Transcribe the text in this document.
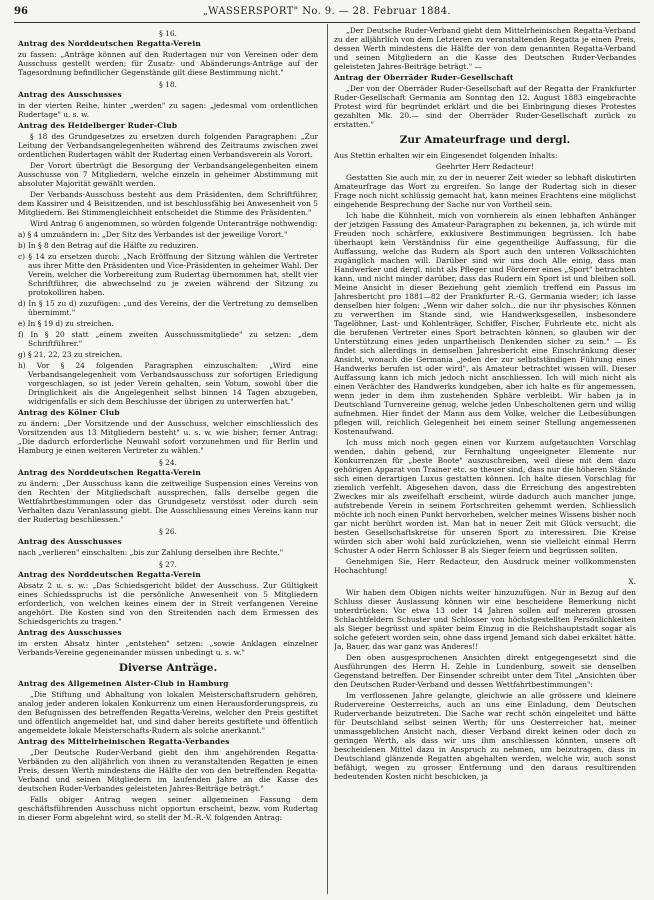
96	„WASSERSPORT" No. 9. — 28. Februar 1884.

§ 16.

Antrag des Norddeutschen Regatta-Verein

zu fassen: „Anträge können auf den Rudertagen nur von Vereinen oder dem Ausschuss gestellt werden; für Zusatz- und Abänderungs-Anträge auf der Tagesordnung befindlicher Gegenstände gilt diese Bestimmung nicht."

§ 18.

Antrag des Ausschusses

in der vierten Reihe, hinter „werden" zu sagen: „jedesmal vom ordentlichen Rudertage" u. s. w.

Antrag des Heidelberger Ruder-Club

§ 18 des Grundgesetzes zu ersetzen durch folgenden Paragraphen: „Zur Leitung der Verbandsangelegenheiten während des Zeitraums zwischen zwei ordentlichen Rudertagen wählt der Rudertag einen Verbandsverein als Vorort.

Der Vorort übertrügt die Besorgung der Verbandsangelegenheiten einem Ausschusse von 7 Mitgliedern, welche einzeln in geheimer Abstimmung mit absoluter Majorität gewählt werden.

Der Verbands-Ausschuss besteht aus dem Präsidenten, dem Schriftführer, dem Kassirer und 4 Beisitzenden, und ist beschlussfähig bei Anwesenheit von 5 Mitgliedern. Bei Stimmengleichheit entscheidet die Stimme des Präsidenten."

Wird Antrag 6 angenommen, so würden folgende Unteranträge nothwendig:

a) § 4 umzuändern in: „Der Sitz des Verbandes ist der jeweilige Vorort."

b) In § 8 den Betrag auf die Hälfte zu reduziren.

c) § 14 zu ersetzen durch: „Nach Eröffnung der Sitzung wählen die Vertreter aus ihrer Mitte den Präsidenten und Vice-Präsidenten in geheimer Wahl. Der Verein, welcher die Vorbereitung zum Rudertag übernommen hat, stellt vier Schriftführer, die abwechselnd zu je zweien während der Sitzung zu protokolliren haben.

d) In § 15 zu d) zuzufügen: „und des Vereins, der die Vertretung zu demselben übernimmt."

e) In § 19 d) zu streichen.

f) In § 20 statt „einem zweiten Ausschussmitgliede" zu setzen: „dem Schriftführer."

g) § 21, 22, 23 zu streichen.

h) Vor § 24 folgenden Paragraphen einzuschalten: „Wird eine Verbandsangelegenheit vom Verbandsausschuss zur sofortigen Erledigung vorgeschlagen, so ist jeder Verein gehalten, sein Votum, sowohl über die Dringlichkeit als die Angelegenheit selbst binnen 14 Tagen abzugeben, widrigenfalls er sich dem Beschlusse der übrigen zu unterwerfen hat."

Antrag des Kölner Club

zu ändern: „Der Vorsitzende und der Ausschuss, welcher einschliesslich des Vorsitzenden aus 13 Mitgliedern besteht" u. s. w. wie bisher; ferner Antrag: „Die dadurch erforderliche Neuwahl sofort vorzunehmen und für Berlin und Hamburg je einen weiteren Vertreter zu wählen."

§ 24.

Antrag des Norddeutschen Regatta-Verein

zu ändern: „Der Ausschuss kann die zeitweilige Suspension eines Vereins von den Rechten der Mitgliedschaft aussprechen, falls derselbe gegen die Wettfahrtbestimmungen oder das Grundgesetz verstösst oder durch sein Verhalten dazu Veranlassung giebt. Die Ausschliessung eines Vereins kann nur der Rudertag beschliessen."

§ 26.

Antrag des Ausschusses

nach „verlieren" einschalten: „bis zur Zahlung derselben ihre Rechte."

§ 27.

Antrag des Norddeutschen Regatta-Verein

Absatz 2 u. s. w.: „Das Schiedsgericht bildet der Ausschuss. Zur Gültigkeit eines Schiedsspruchs ist die persönliche Anwesenheit von 5 Mitgliedern erforderlich, von welchen keines einem der in Streit verfangenen Vereine angehört. Die Kosten sind von den Streitenden nach dem Ermessen des Schiedsgerichts zu tragen."

Antrag des Ausschusses

im ersten Absatz hinter „entstehen" setzen: „sowie Anklagen einzelner Verbands-Vereine gegeneinander müssen unbedingt u. s. w."

Diverse Anträge.

Antrag des Allgemeinen Alster-Club in Hamburg

„Die Stiftung und Abhaltung von lokalen Meisterschaftsrudern gehören, analog jeder anderen lokalen Konkurrenz um einen Herausforderungspreis, zu den Befugnissen des betreffenden Regatta-Vereins, welcher den Preis gestiftet und öffentlich angemeldet hat, und sind daher bereits gestiftete und öffentlich angemeldete lokale Meisterschafts-Rudern als solche anerkannt."

Antrag des Mittelrheinischen Regatta-Verbandes

„Der Deutsche Ruder-Verband giebt den ihm angehörenden Regatta-Verbänden zu den alljährlich von ihnen zu veranstaltenden Regatten je einen Preis, dessen Werth mindestens die Hälfte der von den betreffenden Regatta-Verband und seinen Mitgliedern im laufenden Jahre an die Kasse des deutschen Ruder-Verbandes geleisteten Jahres-Beiträge beträgt."

Falls obiger Antrag wegen seiner allgemeinen Fassung dem geschäftsführenden Ausschuss nicht opportun erscheint, bezw. vom Rudertag in dieser Form abgelehnt wird, so stellt der M.-R.-V. folgenden Antrag:

„Der Deutsche Ruder-Verband giebt dem Mittelrheinischen Regatta-Verband zu der alljährlich von dem Letzteren zu veranstaltenden Regatta je einen Preis, dessen Werth mindestens die Hälfte der von dem genannten Regatta-Verband und seinen Mitgliedern an die Kasse des Deutschen Ruder-Verbandes geleisteten Jahres-Beiträge beträgt." —

Antrag der Oberräder Ruder-Gesellschaft

„Der von der Oberräder Ruder-Gesellschaft auf der Regatta der Frankfurter Ruder-Gesellschaft Germania am Sonntag den 12. August 1883 eingebrachte Protest wird für begründet erklärt und die bei Einbringung dieses Protestes gezahlten Mk. 20.— sind der Oberräder Ruder-Gesellschaft zurück zu erstatten."

Zur Amateurfrage und dergl.

Aus Stettin erhalten wir ein Eingesendet folgenden Inhalts:

Geehrter Herr Redacteur!

Gestatten Sie auch mir, zu der in neuerer Zeit wieder so lebhaft diskutirten Amateurfrage das Wort zu ergreifen. So lange der Rudertag sich in dieser Frage noch nicht schlüssig gemacht hat, kann meines Erachtens eine möglichst eingehende Besprechung der Sache nur von Vortheil sein.

Ich habe die Kühnheit, mich von vornherein als einen lebhaften Anhänger der jetzigen Fassung des Amateur-Paragraphen zu bekennen, ja, ich würde mit Freuden noch schärfere, exklusivere Bestimmungen begrüssen. Ich habe überhaupt kein Verständniss für eine gegentheilige Auffassung, für die Auffassung, welche das Rudern als Sport auch den unteren Volksschichten zugänglich machen will. Darüber sind wir uns doch Alle einig, dass man Handwerker und dergl. nicht als Pfleger und Förderer eines „Sport" betrachten kann, und nicht minder darüber, dass das Rudern ein Sport ist und bleiben soll. Meine Ansicht in dieser Beziehung geht ziemlich treffend ein Passus im Jahresbericht pro 1881—82 der Frankfurter R.-G. Germania wieder; ich lasse denselben hier folgen: „Wenn wir daher solch., die nur ihr physisches Können zu verwerthen im Stande sind, wie Handwerksgesellen, insbesondere Tagelöhner, Last- und Kohlenträger, Schiffer, Fischer, Fuhrleute etc. nicht als die berufenen Vertreter eines Sport betrachten können, so glauben wir der Unterstützung eines jeden unpartheiisch Denkenden sicher zu sein." — Es findet sich allerdings in demselben Jahresbericht eine Einschränkung dieser Ansicht, wonach die Germania „jeden der zur selbstständigen Führung eines Handwerks berufen ist oder wird", als Amateur betrachtet wissen will. Dieser Auffassung kann ich mich jedoch nicht anschliessen. Ich will mich nicht als einen Verächter des Handwerks kundgeben, aber ich halte es für angemessen, wenn jeder in dem ihm zustehenden Sphäre verbleibt. Wir haben ja in Deutschland Turnvereine genug, welche jeden Unbescholtenen gern und willig aufnehmen. Hier findet der Mann aus dem Volke, welcher die Leibesübungen pflegen will, reichlich Gelegenheit bei einem seiner Stellung angemessenen Kostenaufwand.

Ich muss mich noch gegen einen vor Kurzem aufgetauchten Vorschlag wenden, dahin gehend, zur Fernhaltung ungeeigneter Elemente nur Konkurrenzen für „beste Boote" auszuschreiben, weil diese mit dem dazu gehörigen Apparat von Trainer etc. so theuer sind, dass nur die höheren Stände sich einen derartigen Luxus gestatten können. Ich halte diesen Vorschlag für ziemlich verfehlt. Abgesehen davon, dass die Erreichung des angestrebten Zweckes mir als zweifelhaft erscheint, würde dadurch auch mancher junge, aufstrebende Verein in seinem Fortschreiten gehemmt werden. Schliesslich möchte ich noch einen Punkt hervorheben, welcher meines Wissens bisher noch gar nicht berührt worden ist. Man hat in neuer Zeit mit Glück versucht, die besten Gesellschaftskreise für unseren Sport zu interessiren. Die Kreise würden sich aber wohl bald zurückziehen, wenn sie vielleicht einmal Herrn Schuster A oder Herrn Schlosser B als Sieger feiern und begrüssen sollten.

Genehmigen Sie, Herr Redacteur, den Ausdruck meiner vollkommensten Hochachtung!

X.

Wir haben dem Obigen nichts weiter hinzuzufügen. Nur in Bezug auf den Schluss dieser Auslassung können wir eine bescheidene Bemerkung nicht unterdrücken: Vor etwa 13 oder 14 Jahren sollen auf mehreren grossen Schlachtfeldern Schuster und Schlosser von höchstgestellten Persönlichkeiten als Sieger begrüsst und später beim Einzug in die Reichshauptstadt sogar als solche gefeiert worden sein, ohne dass irgend Jemand sich dabei erkältet hätte. Ja, Bauer, das war ganz was Anderes!!

Den oben ausgesprochenen Ansichten direkt entgegengesetzt sind die Ausführungen des Herrn H. Zehle in Lundenburg, soweit sie denselben Gegenstand betreffen. Der Einsender schreibt unter dem Titel „Ansichten über den Deutschen Ruder-Verband und dessen Wettfahrtbestimmungen":

Im verflossenen Jahre gelangte, gleichwie an alle grössere und kleinere Rudervereine Oesterreichs, auch an uns eine Einladung, dem Deutschen Ruderverbande beizutreten. Die Sache war recht schön eingeleitet und hätte für Deutschland selbst seinen Werth; für uns Oesterreicher hat, meiner unmassgeblichen Ansicht nach, dieser Verband direkt keinen oder doch zu geringen Werth, als dass wir uns ihm anschliessen könnten, unsere oft bescheidenen Mittel dazu in Anspruch zu nehmen, um beizutragen, dass in Deutschland glänzende Regatten abgehalten werden, welche wir, auch sonst befähigt, wegen zu grosser Entfernung und den daraus resultirenden bedeutenden Kosten nicht beschicken, ja
